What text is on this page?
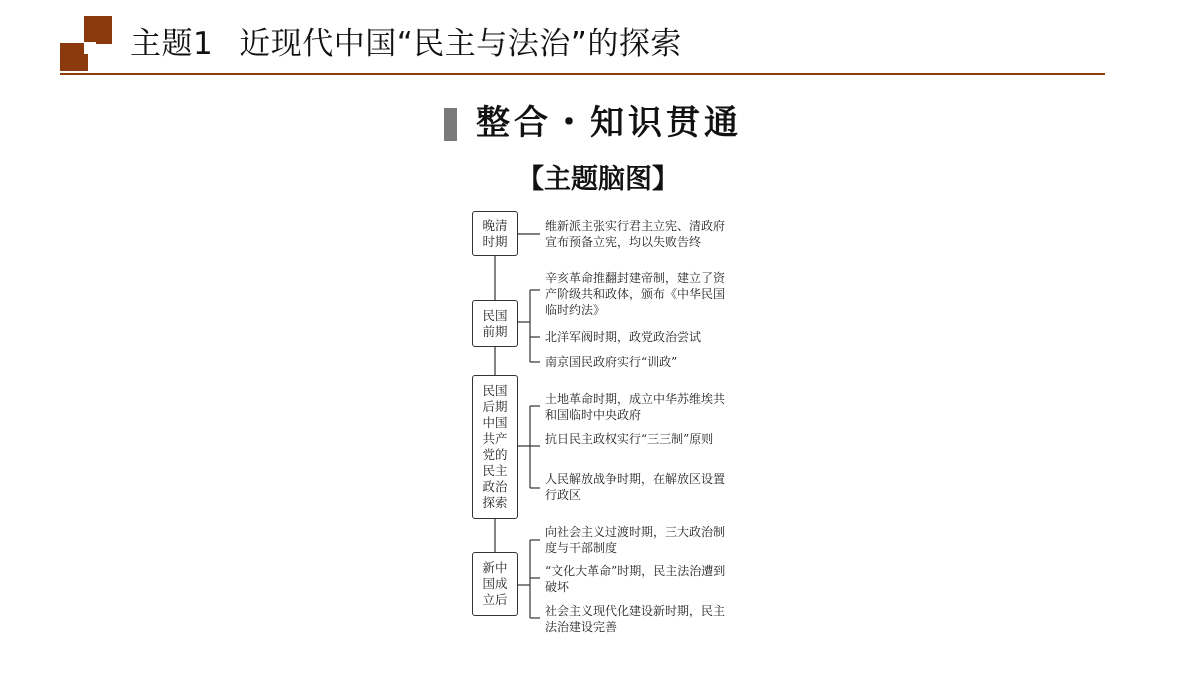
主题1 近现代中国“民主与法治”的探索
整合・知识贯通
【主题脑图】
晚清时期
民国前期
民国后期中国共产党的民主政治探索
新中国成立后
维新派主张实行君主立宪、清政府宣布预备立宪，均以失败告终
辛亥革命推翻封建帝制，建立了资产阶级共和政体，颁布《中华民国临时约法》
北洋军阀时期，政党政治尝试
南京国民政府实行“训政”
土地革命时期，成立中华苏维埃共和国临时中央政府
抗日民主政权实行“三三制”原则
人民解放战争时期，在解放区设置行政区
向社会主义过渡时期，三大政治制度与干部制度
“文化大革命”时期，民主法治遭到破坏
社会主义现代化建设新时期，民主法治建设完善
